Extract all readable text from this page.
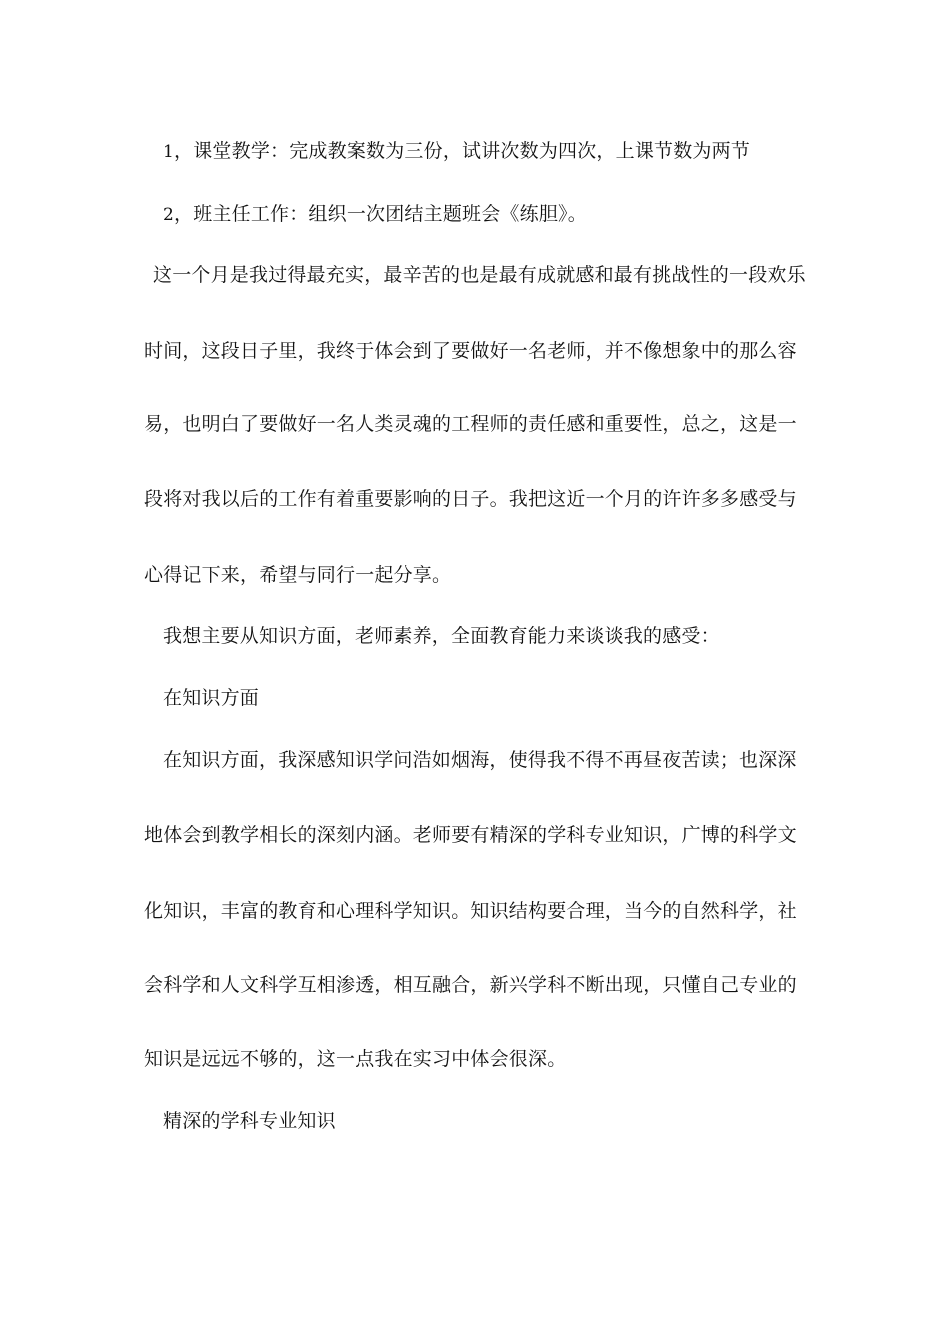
1，课堂教学：完成教案数为三份，试讲次数为四次，上课节数为两节
2，班主任工作：组织一次团结主题班会《练胆》。
这一个月是我过得最充实，最辛苦的也是最有成就感和最有挑战性的一段欢乐
时间，这段日子里，我终于体会到了要做好一名老师，并不像想象中的那么容
易，也明白了要做好一名人类灵魂的工程师的责任感和重要性，总之，这是一
段将对我以后的工作有着重要影响的日子。我把这近一个月的许许多多感受与
心得记下来，希望与同行一起分享。
我想主要从知识方面，老师素养，全面教育能力来谈谈我的感受：
在知识方面
在知识方面，我深感知识学问浩如烟海，使得我不得不再昼夜苦读；也深深
地体会到教学相长的深刻内涵。老师要有精深的学科专业知识，广博的科学文
化知识，丰富的教育和心理科学知识。知识结构要合理，当今的自然科学，社
会科学和人文科学互相渗透，相互融合，新兴学科不断出现，只懂自己专业的
知识是远远不够的，这一点我在实习中体会很深。
精深的学科专业知识
